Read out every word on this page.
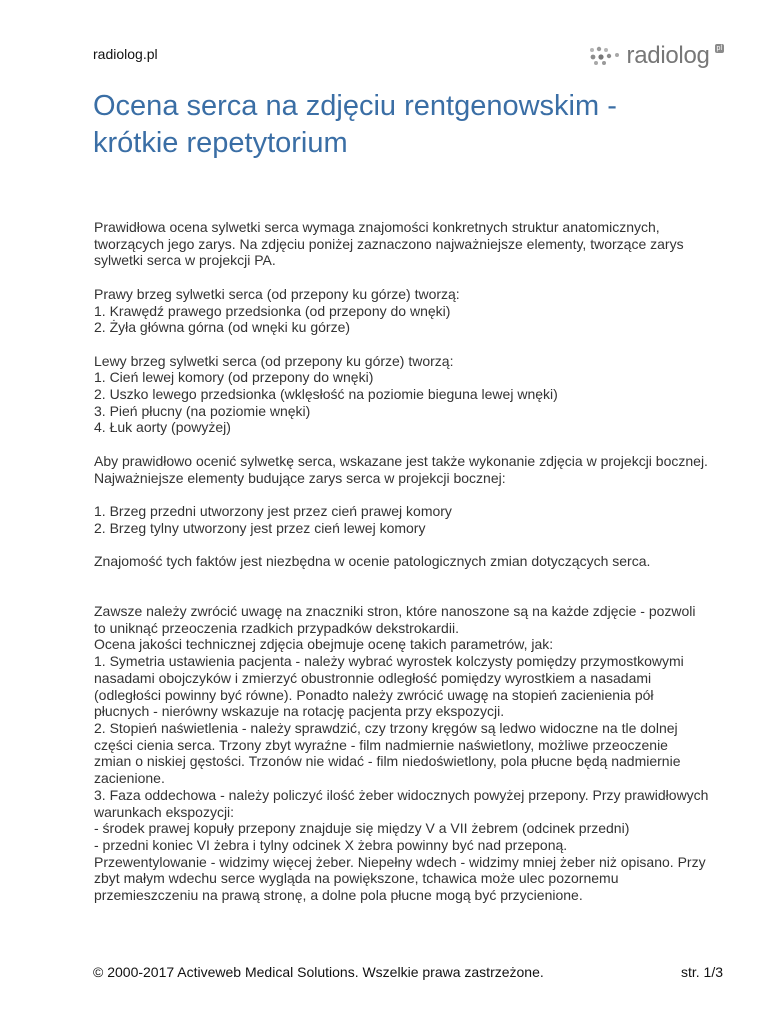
radiolog.pl	radiolog pl
Ocena serca na zdjęciu rentgenowskim -
krótkie repetytorium
Prawidłowa ocena sylwetki serca wymaga znajomości konkretnych struktur anatomicznych,
tworzących jego zarys. Na zdjęciu poniżej zaznaczono najważniejsze elementy, tworzące zarys
sylwetki serca w projekcji PA.
Prawy brzeg sylwetki serca (od przepony ku górze) tworzą:
1. Krawędź prawego przedsionka (od przepony do wnęki)
2. Żyła główna górna (od wnęki ku górze)
Lewy brzeg sylwetki serca (od przepony ku górze) tworzą:
1. Cień lewej komory (od przepony do wnęki)
2. Uszko lewego przedsionka (wklęsłość na poziomie bieguna lewej wnęki)
3. Pień płucny (na poziomie wnęki)
4. Łuk aorty (powyżej)
Aby prawidłowo ocenić sylwetkę serca, wskazane jest także wykonanie zdjęcia w projekcji bocznej.
Najważniejsze elementy budujące zarys serca w projekcji bocznej:
1. Brzeg przedni utworzony jest przez cień prawej komory
2. Brzeg tylny utworzony jest przez cień lewej komory
Znajomość tych faktów jest niezbędna w ocenie patologicznych zmian dotyczących serca.
Zawsze należy zwrócić uwagę na znaczniki stron, które nanoszone są na każde zdjęcie - pozwoli
to uniknąć przeoczenia rzadkich przypadków dekstrokardii.
Ocena jakości technicznej zdjęcia obejmuje ocenę takich parametrów, jak:
1. Symetria ustawienia pacjenta - należy wybrać wyrostek kolczysty pomiędzy przymostkowymi
nasadami obojczyków i zmierzyć obustronnie odległość pomiędzy wyrostkiem a nasadami
(odległości powinny być równe). Ponadto należy zwrócić uwagę na stopień zacienienia pół
płucnych - nierówny wskazuje na rotację pacjenta przy ekspozycji.
2. Stopień naświetlenia - należy sprawdzić, czy trzony kręgów są ledwo widoczne na tle dolnej
części cienia serca. Trzony zbyt wyraźne - film nadmiernie naświetlony, możliwe przeoczenie
zmian o niskiej gęstości. Trzonów nie widać - film niedoświetlony, pola płucne będą nadmiernie
zacienione.
3. Faza oddechowa - należy policzyć ilość żeber widocznych powyżej przepony. Przy prawidłowych
warunkach ekspozycji:
- środek prawej kopuły przepony znajduje się między V a VII żebrem (odcinek przedni)
- przedni koniec VI żebra i tylny odcinek X żebra powinny być nad przeponą.
Przewentylowanie - widzimy więcej żeber. Niepełny wdech - widzimy mniej żeber niż opisano. Przy
zbyt małym wdechu serce wygląda na powiększone, tchawica może ulec pozornemu
przemieszczeniu na prawą stronę, a dolne pola płucne mogą być przycienione.
© 2000-2017 Activeweb Medical Solutions. Wszelkie prawa zastrzeżone.	str. 1/3
